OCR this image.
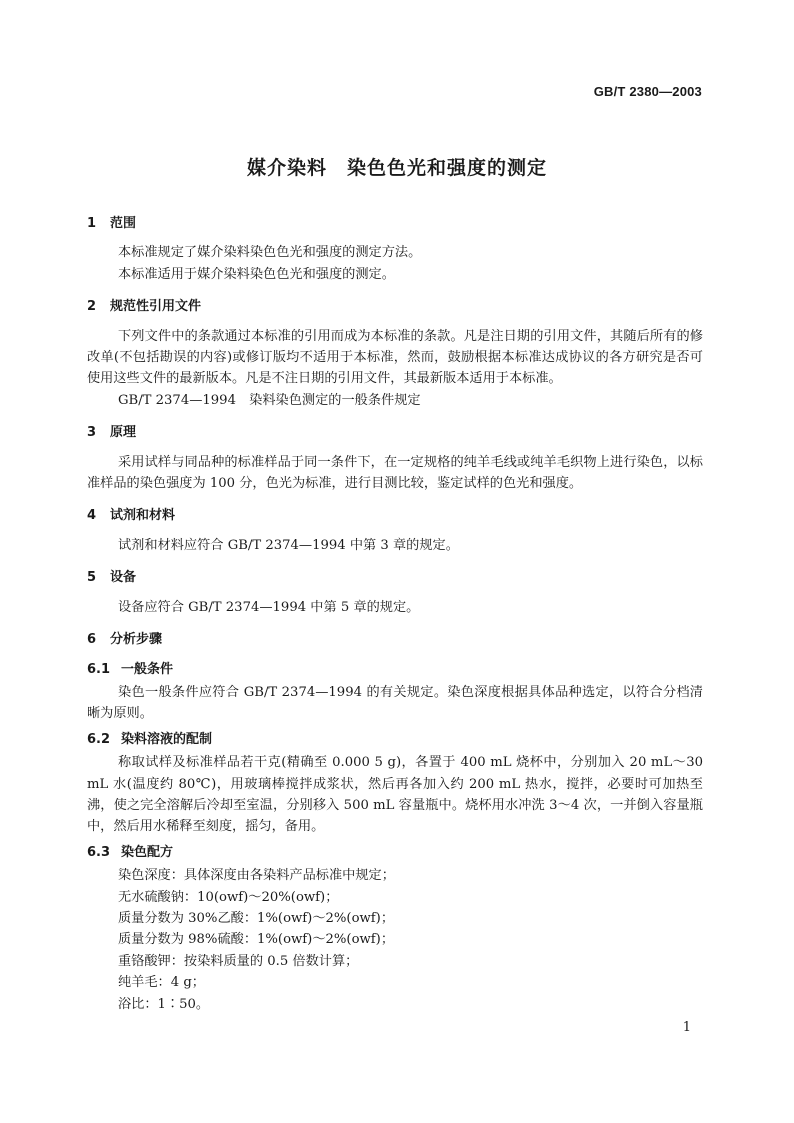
GB/T 2380—2003
媒介染料　染色色光和强度的测定
1 范围

本标准规定了媒介染料染色色光和强度的测定方法。

本标准适用于媒介染料染色色光和强度的测定。

2 规范性引用文件

下列文件中的条款通过本标准的引用而成为本标准的条款。凡是注日期的引用文件，其随后所有的修改单(不包括勘误的内容)或修订版均不适用于本标准，然而，鼓励根据本标准达成协议的各方研究是否可使用这些文件的最新版本。凡是不注日期的引用文件，其最新版本适用于本标准。

GB/T 2374—1994　染料染色测定的一般条件规定

3 原理

采用试样与同品种的标准样品于同一条件下，在一定规格的纯羊毛线或纯羊毛织物上进行染色，以标准样品的染色强度为 100 分，色光为标准，进行目测比较，鉴定试样的色光和强度。

4 试剂和材料

试剂和材料应符合 GB/T 2374—1994 中第 3 章的规定。

5 设备

设备应符合 GB/T 2374—1994 中第 5 章的规定。

6 分析步骤
6.1 一般条件

染色一般条件应符合 GB/T 2374—1994 的有关规定。染色深度根据具体品种选定，以符合分档清晰为原则。

6.2 染料溶液的配制

称取试样及标准样品若干克(精确至 0.000 5 g)，各置于 400 mL 烧杯中，分别加入 20 mL～30 mL 水(温度约 80℃)，用玻璃棒搅拌成浆状，然后再各加入约 200 mL 热水，搅拌，必要时可加热至沸，使之完全溶解后冷却至室温，分别移入 500 mL 容量瓶中。烧杯用水冲洗 3～4 次，一并倒入容量瓶中，然后用水稀释至刻度，摇匀，备用。

6.3 染色配方

染色深度：具体深度由各染料产品标准中规定；

无水硫酸钠：10(owf)～20%(owf)；

质量分数为 30%乙酸：1%(owf)～2%(owf)；

质量分数为 98%硫酸：1%(owf)～2%(owf)；

重铬酸钾：按染料质量的 0.5 倍数计算；

纯羊毛：4 g；

浴比：1∶50。

1
